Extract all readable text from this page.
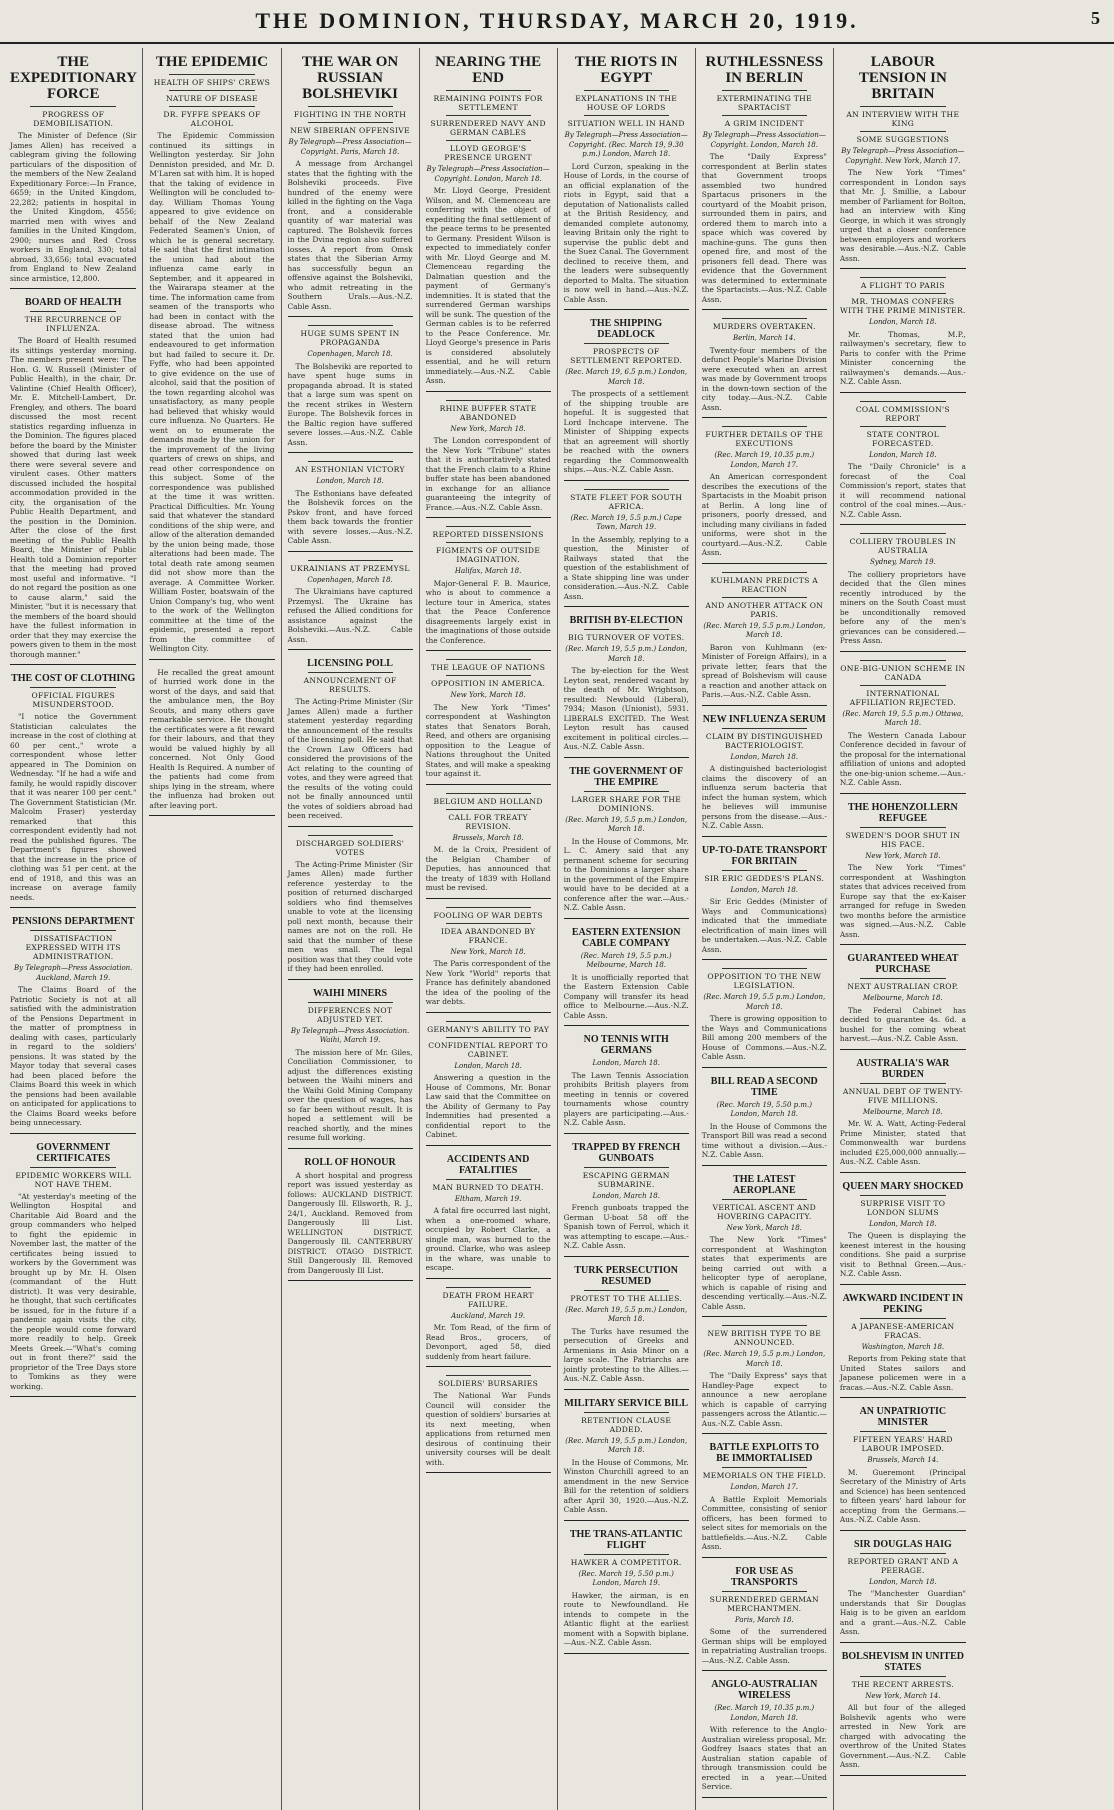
THE DOMINION, THURSDAY, MARCH 20, 1919.	5
THE EXPEDITIONARY FORCE
PROGRESS OF DEMOBILISATION.

The Minister of Defence (Sir James Allen) has received a cablegram giving the following particulars of the disposition of the members of the New Zealand Expeditionary Force:—In France, 6659; in the United Kingdom, 22,282; patients in hospital in the United Kingdom, 4556; married men with wives and families in the United Kingdom, 2900; nurses and Red Cross workers in England, 330; total abroad, 33,656; total evacuated from England to New Zealand since armistice, 12,800.

BOARD OF HEALTH
THE RECURRENCE OF INFLUENZA.

The Board of Health resumed its sittings yesterday morning. The members present were: The Hon. G. W. Russell (Minister of Public Health), in the chair, Dr. Valintine (Chief Health Officer), Mr. E. Mitchell-Lambert, Dr. Frengley, and others. The board discussed the most recent statistics regarding influenza in the Dominion. The figures placed before the board by the Minister showed that during last week there were several severe and virulent cases. Other matters discussed included the hospital accommodation provided in the city, the organisation of the Public Health Department, and the position in the Dominion. After the close of the first meeting of the Public Health Board, the Minister of Public Health told a Dominion reporter that the meeting had proved most useful and informative. "I do not regard the position as one to cause alarm," said the Minister, "but it is necessary that the members of the board should have the fullest information in order that they may exercise the powers given to them in the most thorough manner."

THE COST OF CLOTHING
OFFICIAL FIGURES MISUNDERSTOOD.

"I notice the Government Statistician calculates the increase in the cost of clothing at 60 per cent.," wrote a correspondent whose letter appeared in The Dominion on Wednesday. "If he had a wife and family, he would rapidly discover that it was nearer 100 per cent." The Government Statistician (Mr. Malcolm Fraser) yesterday remarked that this correspondent evidently had not read the published figures. The Department's figures showed that the increase in the price of clothing was 51 per cent. at the end of 1918, and this was an increase on average family needs.

PENSIONS DEPARTMENT
DISSATISFACTION EXPRESSED WITH ITS ADMINISTRATION.
By Telegraph—Press Association. Auckland, March 19.

The Claims Board of the Patriotic Society is not at all satisfied with the administration of the Pensions Department in the matter of promptness in dealing with cases, particularly in regard to the soldiers' pensions. It was stated by the Mayor today that several cases had been placed before the Claims Board this week in which the pensions had been available on anticipated for applications to the Claims Board weeks before being unnecessary.

GOVERNMENT CERTIFICATES
EPIDEMIC WORKERS WILL NOT HAVE THEM.

"At yesterday's meeting of the Wellington Hospital and Charitable Aid Board and the group commanders who helped to fight the epidemic in November last, the matter of the certificates being issued to workers by the Government was brought up by Mr. H. Olsen (commandant of the Hutt district). It was very desirable, he thought, that such certificates be issued, for in the future if a pandemic again visits the city, the people would come forward more readily to help. Greek Meets Greek.—"What's coming out in front there?" said the proprietor of the Tree Days store to Tomkins as they were working.

THE EPIDEMIC
HEALTH OF SHIPS' CREWS
NATURE OF DISEASE
DR. FYFFE SPEAKS OF ALCOHOL

The Epidemic Commission continued its sittings in Wellington yesterday. Sir John Denniston presided, and Mr. D. M'Laren sat with him. It is hoped that the taking of evidence in Wellington will be concluded to-day. William Thomas Young appeared to give evidence on behalf of the New Zealand Federated Seamen's Union, of which he is general secretary. He said that the first intimation the union had about the influenza came early in September, and it appeared in the Wairarapa steamer at the time. The information came from seamen of the transports who had been in contact with the disease abroad. The witness stated that the union had endeavoured to get information but had failed to secure it. Dr. Fyffe, who had been appointed to give evidence on the use of alcohol, said that the position of the town regarding alcohol was unsatisfactory, as many people had believed that whisky would cure influenza. No Quarters. He went on to enumerate the demands made by the union for the improvement of the living quarters of crews on ships, and read other correspondence on this subject. Some of the correspondence was published at the time it was written. Practical Difficulties. Mr. Young said that whatever the standard conditions of the ship were, and allow of the alteration demanded by the union being made, those alterations had been made. The total death rate among seamen did not show more than the average. A Committee Worker. William Foster, boatswain of the Union Company's tug, who went to the work of the Wellington committee at the time of the epidemic, presented a report from the committee of Wellington City.

He recalled the great amount of hurried work done in the worst of the days, and said that the ambulance men, the Boy Scouts, and many others gave remarkable service. He thought the certificates were a fit reward for their labours, and that they would be valued highly by all concerned. Not Only Good Health Is Required. A number of the patients had come from ships lying in the stream, where the influenza had broken out after leaving port.

THE WAR ON RUSSIAN BOLSHEVIKI
FIGHTING IN THE NORTH
NEW SIBERIAN OFFENSIVE
By Telegraph—Press Association—Copyright. Paris, March 18.

A message from Archangel states that the fighting with the Bolsheviki proceeds. Five hundred of the enemy were killed in the fighting on the Vaga front, and a considerable quantity of war material was captured. The Bolshevik forces in the Dvina region also suffered losses. A report from Omsk states that the Siberian Army has successfully begun an offensive against the Bolsheviki, who admit retreating in the Southern Urals.—Aus.-N.Z. Cable Assn.

HUGE SUMS SPENT IN PROPAGANDA
Copenhagen, March 18.

The Bolsheviki are reported to have spent huge sums in propaganda abroad. It is stated that a large sum was spent on the recent strikes in Western Europe. The Bolshevik forces in the Baltic region have suffered severe losses.—Aus.-N.Z. Cable Assn.

AN ESTHONIAN VICTORY
London, March 18.

The Esthonians have defeated the Bolshevik forces on the Pskov front, and have forced them back towards the frontier with severe losses.—Aus.-N.Z. Cable Assn.

UKRAINIANS AT PRZEMYSL
Copenhagen, March 18.

The Ukrainians have captured Przemysl. The Ukraine has refused the Allied conditions for assistance against the Bolsheviki.—Aus.-N.Z. Cable Assn.

LICENSING POLL
ANNOUNCEMENT OF RESULTS.

The Acting-Prime Minister (Sir James Allen) made a further statement yesterday regarding the announcement of the results of the licensing poll. He said that the Crown Law Officers had considered the provisions of the Act relating to the counting of votes, and they were agreed that the results of the voting could not be finally announced until the votes of soldiers abroad had been received.

DISCHARGED SOLDIERS' VOTES

The Acting-Prime Minister (Sir James Allen) made further reference yesterday to the position of returned discharged soldiers who find themselves unable to vote at the licensing poll next month, because their names are not on the roll. He said that the number of these men was small. The legal position was that they could vote if they had been enrolled.

WAIHI MINERS
DIFFERENCES NOT ADJUSTED YET.
By Telegraph—Press Association. Waihi, March 19.

The mission here of Mr. Giles, Conciliation Commissioner, to adjust the differences existing between the Waihi miners and the Waihi Gold Mining Company over the question of wages, has so far been without result. It is hoped a settlement will be reached shortly, and the mines resume full working.

ROLL OF HONOUR

A short hospital and progress report was issued yesterday as follows: AUCKLAND DISTRICT. Dangerously Ill. Ellsworth, R. J., 24/1, Auckland. Removed from Dangerously Ill List. WELLINGTON DISTRICT. Dangerously Ill. CANTERBURY DISTRICT. OTAGO DISTRICT. Still Dangerously Ill. Removed from Dangerously Ill List.

NEARING THE END
REMAINING POINTS FOR SETTLEMENT
SURRENDERED NAVY AND GERMAN CABLES
LLOYD GEORGE'S PRESENCE URGENT
By Telegraph—Press Association—Copyright. London, March 18.

Mr. Lloyd George, President Wilson, and M. Clemenceau are conferring with the object of expediting the final settlement of the peace terms to be presented to Germany. President Wilson is expected to immediately confer with Mr. Lloyd George and M. Clemenceau regarding the Dalmatian question and the payment of Germany's indemnities. It is stated that the surrendered German warships will be sunk. The question of the German cables is to be referred to the Peace Conference. Mr. Lloyd George's presence in Paris is considered absolutely essential, and he will return immediately.—Aus.-N.Z. Cable Assn.

RHINE BUFFER STATE ABANDONED
New York, March 18.

The London correspondent of the New York "Tribune" states that it is authoritatively stated that the French claim to a Rhine buffer state has been abandoned in exchange for an alliance guaranteeing the integrity of France.—Aus.-N.Z. Cable Assn.

REPORTED DISSENSIONS
FIGMENTS OF OUTSIDE IMAGINATION.
Halifax, March 18.

Major-General F. B. Maurice, who is about to commence a lecture tour in America, states that the Peace Conference disagreements largely exist in the imaginations of those outside the Conference.

THE LEAGUE OF NATIONS
OPPOSITION IN AMERICA.
New York, March 18.

The New York "Times" correspondent at Washington states that Senators Borah, Reed, and others are organising opposition to the League of Nations throughout the United States, and will make a speaking tour against it.

BELGIUM AND HOLLAND
CALL FOR TREATY REVISION.
Brussels, March 18.

M. de la Croix, President of the Belgian Chamber of Deputies, has announced that the treaty of 1839 with Holland must be revised.

FOOLING OF WAR DEBTS
IDEA ABANDONED BY FRANCE.
New York, March 18.

The Paris correspondent of the New York "World" reports that France has definitely abandoned the idea of the pooling of the war debts.

GERMANY'S ABILITY TO PAY
CONFIDENTIAL REPORT TO CABINET.
London, March 18.

Answering a question in the House of Commons, Mr. Bonar Law said that the Committee on the Ability of Germany to Pay Indemnities had presented a confidential report to the Cabinet.

ACCIDENTS AND FATALITIES
MAN BURNED TO DEATH.
Eltham, March 19.

A fatal fire occurred last night, when a one-roomed whare, occupied by Robert Clarke, a single man, was burned to the ground. Clarke, who was asleep in the whare, was unable to escape.

DEATH FROM HEART FAILURE.
Auckland, March 19.

Mr. Tom Read, of the firm of Read Bros., grocers, of Devonport, aged 58, died suddenly from heart failure.

SOLDIERS' BURSARIES

The National War Funds Council will consider the question of soldiers' bursaries at its next meeting, when applications from returned men desirous of continuing their university courses will be dealt with.

THE RIOTS IN EGYPT
EXPLANATIONS IN THE HOUSE OF LORDS
SITUATION WELL IN HAND
By Telegraph—Press Association—Copyright. (Rec. March 19, 9.30 p.m.) London, March 18.

Lord Curzon, speaking in the House of Lords, in the course of an official explanation of the riots in Egypt, said that a deputation of Nationalists called at the British Residency, and demanded complete autonomy, leaving Britain only the right to supervise the public debt and the Suez Canal. The Government declined to receive them, and the leaders were subsequently deported to Malta. The situation is now well in hand.—Aus.-N.Z. Cable Assn.

THE SHIPPING DEADLOCK
PROSPECTS OF SETTLEMENT REPORTED.
(Rec. March 19, 6.5 p.m.) London, March 18.

The prospects of a settlement of the shipping trouble are hopeful. It is suggested that Lord Inchcape intervene. The Minister of Shipping expects that an agreement will shortly be reached with the owners regarding the Commonwealth ships.—Aus.-N.Z. Cable Assn.

STATE FLEET FOR SOUTH AFRICA.
(Rec. March 19, 5.5 p.m.) Cape Town, March 19.

In the Assembly, replying to a question, the Minister of Railways stated that the question of the establishment of a State shipping line was under consideration.—Aus.-N.Z. Cable Assn.

BRITISH BY-ELECTION
BIG TURNOVER OF VOTES.
(Rec. March 19, 5.5 p.m.) London, March 18.

The by-election for the West Leyton seat, rendered vacant by the death of Mr. Wrightson, resulted: Newbould (Liberal), 7934; Mason (Unionist), 5931. LIBERALS EXCITED. The West Leyton result has caused excitement in political circles.—Aus.-N.Z. Cable Assn.

THE GOVERNMENT OF THE EMPIRE
LARGER SHARE FOR THE DOMINIONS.
(Rec. March 19, 5.5 p.m.) London, March 18.

In the House of Commons, Mr. L. C. Amery said that any permanent scheme for securing to the Dominions a larger share in the government of the Empire would have to be decided at a conference after the war.—Aus.-N.Z. Cable Assn.

EASTERN EXTENSION CABLE COMPANY
(Rec. March 19, 5.5 p.m.) Melbourne, March 18.

It is unofficially reported that the Eastern Extension Cable Company will transfer its head office to Melbourne.—Aus.-N.Z. Cable Assn.

NO TENNIS WITH GERMANS
London, March 18.

The Lawn Tennis Association prohibits British players from meeting in tennis or covered tournaments whose country players are participating.—Aus.-N.Z. Cable Assn.

TRAPPED BY FRENCH GUNBOATS
ESCAPING GERMAN SUBMARINE.
London, March 18.

French gunboats trapped the German U-boat 58 off the Spanish town of Ferrol, which it was attempting to escape.—Aus.-N.Z. Cable Assn.

TURK PERSECUTION RESUMED
PROTEST TO THE ALLIES.
(Rec. March 19, 5.5 p.m.) London, March 18.

The Turks have resumed the persecution of Greeks and Armenians in Asia Minor on a large scale. The Patriarchs are jointly protesting to the Allies.—Aus.-N.Z. Cable Assn.

MILITARY SERVICE BILL
RETENTION CLAUSE ADDED.
(Rec. March 19, 5.5 p.m.) London, March 18.

In the House of Commons, Mr. Winston Churchill agreed to an amendment in the new Service Bill for the retention of soldiers after April 30, 1920.—Aus.-N.Z. Cable Assn.

THE TRANS-ATLANTIC FLIGHT
HAWKER A COMPETITOR.
(Rec. March 19, 5.50 p.m.) London, March 19.

Hawker, the airman, is en route to Newfoundland. He intends to compete in the Atlantic flight at the earliest moment with a Sopwith biplane.—Aus.-N.Z. Cable Assn.

RUTHLESSNESS IN BERLIN
EXTERMINATING THE SPARTACIST
A GRIM INCIDENT
By Telegraph—Press Association—Copyright. London, March 18.

The "Daily Express" correspondent at Berlin states that Government troops assembled two hundred Spartacus prisoners in the courtyard of the Moabit prison, surrounded them in pairs, and ordered them to march into a space which was covered by machine-guns. The guns then opened fire, and most of the prisoners fell dead. There was evidence that the Government was determined to exterminate the Spartacists.—Aus.-N.Z. Cable Assn.

MURDERS OVERTAKEN.
Berlin, March 14.

Twenty-four members of the defunct People's Marine Division were executed when an arrest was made by Government troops in the down-town section of the city today.—Aus.-N.Z. Cable Assn.

FURTHER DETAILS OF THE EXECUTIONS
(Rec. March 19, 10.35 p.m.) London, March 17.

An American correspondent describes the executions of the Spartacists in the Moabit prison at Berlin. A long line of prisoners, poorly dressed, and including many civilians in faded uniforms, were shot in the courtyard.—Aus.-N.Z. Cable Assn.

KUHLMANN PREDICTS A REACTION
AND ANOTHER ATTACK ON PARIS.
(Rec. March 19, 5.5 p.m.) London, March 18.

Baron von Kuhlmann (ex-Minister of Foreign Affairs), in a private letter, fears that the spread of Bolshevism will cause a reaction and another attack on Paris.—Aus.-N.Z. Cable Assn.

NEW INFLUENZA SERUM
CLAIM BY DISTINGUISHED BACTERIOLOGIST.
London, March 18.

A distinguished bacteriologist claims the discovery of an influenza serum bacteria that infect the human system, which he believes will immunise persons from the disease.—Aus.-N.Z. Cable Assn.

UP-TO-DATE TRANSPORT FOR BRITAIN
SIR ERIC GEDDES'S PLANS.
London, March 18.

Sir Eric Geddes (Minister of Ways and Communications) indicated that the immediate electrification of main lines will be undertaken.—Aus.-N.Z. Cable Assn.

OPPOSITION TO THE NEW LEGISLATION.
(Rec. March 19, 5.5 p.m.) London, March 18.

There is growing opposition to the Ways and Communications Bill among 200 members of the House of Commons.—Aus.-N.Z. Cable Assn.

BILL READ A SECOND TIME
(Rec. March 19, 5.50 p.m.) London, March 18.

In the House of Commons the Transport Bill was read a second time without a division.—Aus.-N.Z. Cable Assn.

THE LATEST AEROPLANE
VERTICAL ASCENT AND HOVERING CAPACITY.
New York, March 18.

The New York "Times" correspondent at Washington states that experiments are being carried out with a helicopter type of aeroplane, which is capable of rising and descending vertically.—Aus.-N.Z. Cable Assn.

NEW BRITISH TYPE TO BE ANNOUNCED.
(Rec. March 19, 5.5 p.m.) London, March 18.

The "Daily Express" says that Handley-Page expect to announce a new aeroplane which is capable of carrying passengers across the Atlantic.—Aus.-N.Z. Cable Assn.

BATTLE EXPLOITS TO BE IMMORTALISED
MEMORIALS ON THE FIELD.
London, March 17.

A Battle Exploit Memorials Committee, consisting of senior officers, has been formed to select sites for memorials on the battlefields.—Aus.-N.Z. Cable Assn.

FOR USE AS TRANSPORTS
SURRENDERED GERMAN MERCHANTMEN.
Paris, March 18.

Some of the surrendered German ships will be employed in repatriating Australian troops.—Aus.-N.Z. Cable Assn.

ANGLO-AUSTRALIAN WIRELESS
(Rec. March 19, 10.35 p.m.) London, March 18.

With reference to the Anglo-Australian wireless proposal, Mr. Godfrey Isaacs states that an Australian station capable of through transmission could be erected in a year.—United Service.

LABOUR TENSION IN BRITAIN
AN INTERVIEW WITH THE KING
SOME SUGGESTIONS
By Telegraph—Press Association—Copyright. New York, March 17.

The New York "Times" correspondent in London says that Mr. J. Smillie, a Labour member of Parliament for Bolton, had an interview with King George, in which it was strongly urged that a closer conference between employers and workers was desirable.—Aus.-N.Z. Cable Assn.

A FLIGHT TO PARIS
MR. THOMAS CONFERS WITH THE PRIME MINISTER.
London, March 18.

Mr. Thomas, M.P., railwaymen's secretary, flew to Paris to confer with the Prime Minister concerning the railwaymen's demands.—Aus.-N.Z. Cable Assn.

COAL COMMISSION'S REPORT
STATE CONTROL FORECASTED.
London, March 18.

The "Daily Chronicle" is a forecast of the Coal Commission's report, states that it will recommend national control of the coal mines.—Aus.-N.Z. Cable Assn.

COLLIERY TROUBLES IN AUSTRALIA
Sydney, March 19.

The colliery proprietors have decided that the Glen mines recently introduced by the miners on the South Coast must be unconditionally removed before any of the men's grievances can be considered.—Press Assn.

ONE-BIG-UNION SCHEME IN CANADA
INTERNATIONAL AFFILIATION REJECTED.
(Rec. March 19, 5.5 p.m.) Ottawa, March 18.

The Western Canada Labour Conference decided in favour of the proposal for the international affiliation of unions and adopted the one-big-union scheme.—Aus.-N.Z. Cable Assn.

THE HOHENZOLLERN REFUGEE
SWEDEN'S DOOR SHUT IN HIS FACE.
New York, March 18.

The New York "Times" correspondent at Washington states that advices received from Europe say that the ex-Kaiser arranged for refuge in Sweden two months before the armistice was signed.—Aus.-N.Z. Cable Assn.

GUARANTEED WHEAT PURCHASE
NEXT AUSTRALIAN CROP.
Melbourne, March 18.

The Federal Cabinet has decided to guarantee 4s. 6d. a bushel for the coming wheat harvest.—Aus.-N.Z. Cable Assn.

AUSTRALIA'S WAR BURDEN
ANNUAL DEBT OF TWENTY-FIVE MILLIONS.
Melbourne, March 18.

Mr. W. A. Watt, Acting-Federal Prime Minister, stated that Commonwealth war burdens included £25,000,000 annually.—Aus.-N.Z. Cable Assn.

QUEEN MARY SHOCKED
SURPRISE VISIT TO LONDON SLUMS
London, March 18.

The Queen is displaying the keenest interest in the housing conditions. She paid a surprise visit to Bethnal Green.—Aus.-N.Z. Cable Assn.

AWKWARD INCIDENT IN PEKING
A JAPANESE-AMERICAN FRACAS.
Washington, March 18.

Reports from Peking state that United States sailors and Japanese policemen were in a fracas.—Aus.-N.Z. Cable Assn.

AN UNPATRIOTIC MINISTER
FIFTEEN YEARS' HARD LABOUR IMPOSED.
Brussels, March 14.

M. Gueremont (Principal Secretary of the Ministry of Arts and Science) has been sentenced to fifteen years' hard labour for accepting from the Germans.—Aus.-N.Z. Cable Assn.

SIR DOUGLAS HAIG
REPORTED GRANT AND A PEERAGE.
London, March 18.

The "Manchester Guardian" understands that Sir Douglas Haig is to be given an earldom and a grant.—Aus.-N.Z. Cable Assn.

BOLSHEVISM IN UNITED STATES
THE RECENT ARRESTS.
New York, March 14.

All but four of the alleged Bolshevik agents who were arrested in New York are charged with advocating the overthrow of the United States Government.—Aus.-N.Z. Cable Assn.
